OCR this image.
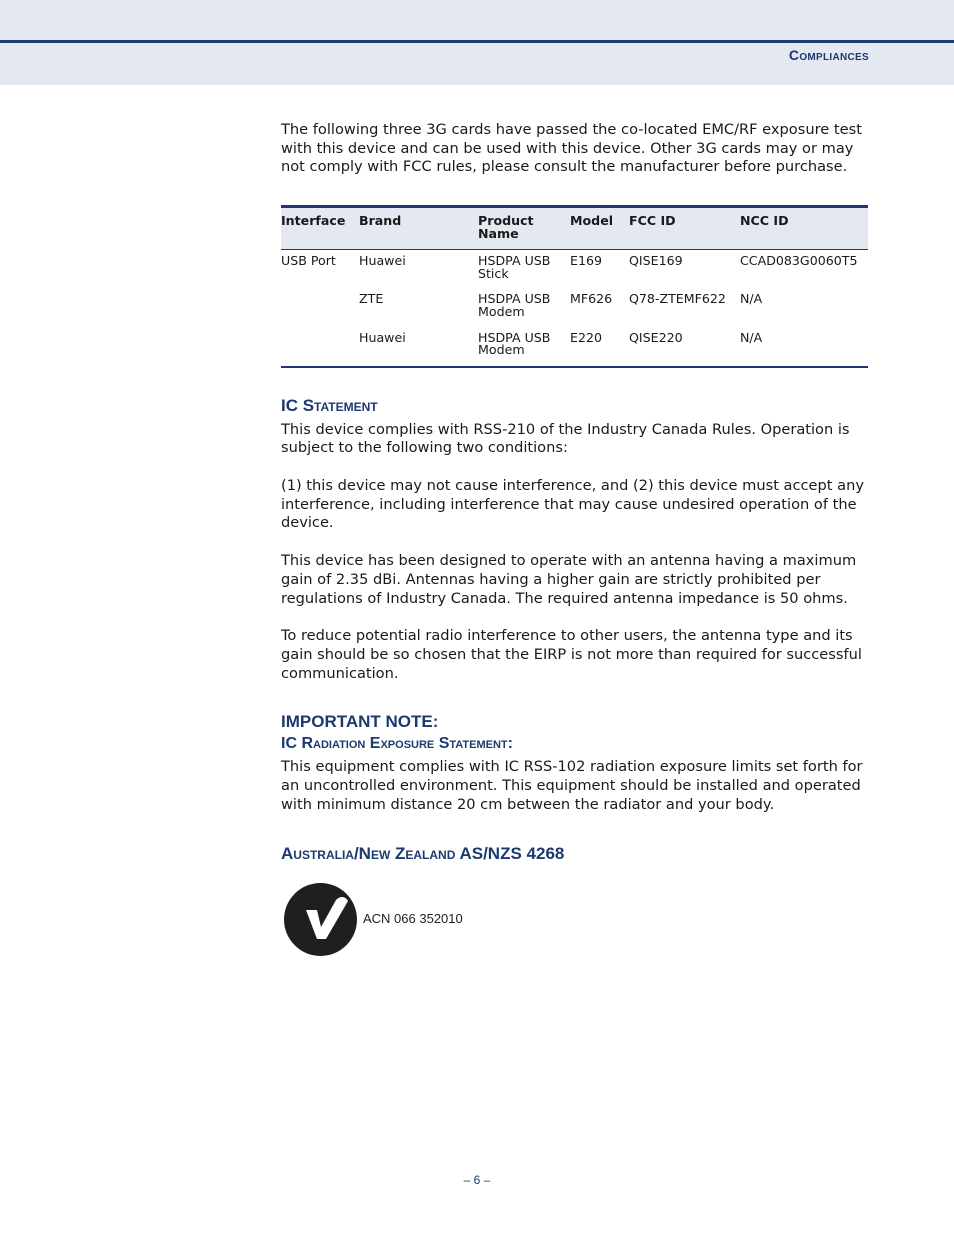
Compliances

The following three 3G cards have passed the co-located EMC/RF exposure test with this device and can be used with this device. Other 3G cards may or may not comply with FCC rules, please consult the manufacturer before purchase.

Interface	Brand	Product Name	Model	FCC ID	NCC ID
USB Port	Huawei	HSDPA USB Stick	E169	QISE169	CCAD083G0060T5
	ZTE	HSDPA USB Modem	MF626	Q78-ZTEMF622	N/A
	Huawei	HSDPA USB Modem	E220	QISE220	N/A
IC Statement

This device complies with RSS-210 of the Industry Canada Rules. Operation is subject to the following two conditions:

(1) this device may not cause interference, and (2) this device must accept any interference, including interference that may cause undesired operation of the device.

This device has been designed to operate with an antenna having a maximum gain of 2.35 dBi. Antennas having a higher gain are strictly prohibited per regulations of Industry Canada. The required antenna impedance is 50 ohms.

To reduce potential radio interference to other users, the antenna type and its gain should be so chosen that the EIRP is not more than required for successful communication.

IMPORTANT NOTE:
IC Radiation Exposure Statement:

This equipment complies with IC RSS-102 radiation exposure limits set forth for an uncontrolled environment. This equipment should be installed and operated with minimum distance 20 cm between the radiator and your body.

Australia/New Zealand AS/NZS 4268
ACN 066 352010
– 6 –
